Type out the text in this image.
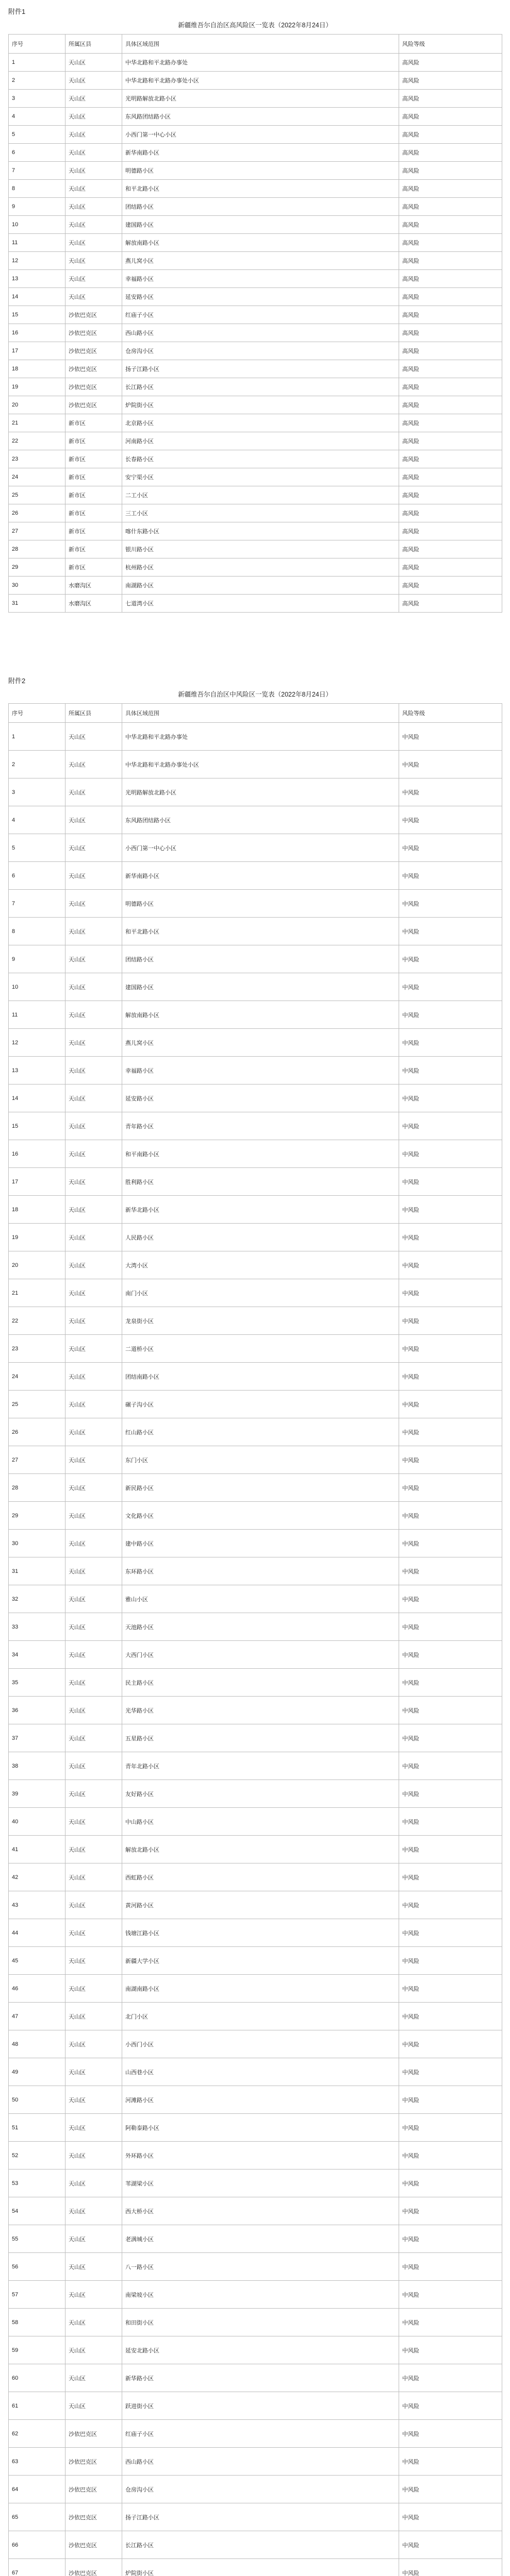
附件1
新疆维吾尔自治区高风险区一览表（2022年8月24日）
序号	所属区县	具体区域范围	风险等级
1	天山区	中华北路和平北路办事处	高风险
2	天山区	中华北路和平北路办事处小区	高风险
3	天山区	光明路解放北路小区	高风险
4	天山区	东风路团结路小区	高风险
5	天山区	小西门第一中心小区	高风险
6	天山区	新华南路小区	高风险
7	天山区	明德路小区	高风险
8	天山区	和平北路小区	高风险
9	天山区	团结路小区	高风险
10	天山区	建国路小区	高风险
11	天山区	解放南路小区	高风险
12	天山区	燕儿窝小区	高风险
13	天山区	幸福路小区	高风险
14	天山区	延安路小区	高风险
15	沙依巴克区	红庙子小区	高风险
16	沙依巴克区	西山路小区	高风险
17	沙依巴克区	仓房沟小区	高风险
18	沙依巴克区	扬子江路小区	高风险
19	沙依巴克区	长江路小区	高风险
20	沙依巴克区	炉院街小区	高风险
21	新市区	北京路小区	高风险
22	新市区	河南路小区	高风险
23	新市区	长春路小区	高风险
24	新市区	安宁渠小区	高风险
25	新市区	二工小区	高风险
26	新市区	三工小区	高风险
27	新市区	喀什东路小区	高风险
28	新市区	银川路小区	高风险
29	新市区	杭州路小区	高风险
30	水磨沟区	南湖路小区	高风险
31	水磨沟区	七道湾小区	高风险
附件2
新疆维吾尔自治区中风险区一览表（2022年8月24日）
序号	所属区县	具体区域范围	风险等级
1	天山区	中华北路和平北路办事处	中风险
2	天山区	中华北路和平北路办事处小区	中风险
3	天山区	光明路解放北路小区	中风险
4	天山区	东风路团结路小区	中风险
5	天山区	小西门第一中心小区	中风险
6	天山区	新华南路小区	中风险
7	天山区	明德路小区	中风险
8	天山区	和平北路小区	中风险
9	天山区	团结路小区	中风险
10	天山区	建国路小区	中风险
11	天山区	解放南路小区	中风险
12	天山区	燕儿窝小区	中风险
13	天山区	幸福路小区	中风险
14	天山区	延安路小区	中风险
15	天山区	青年路小区	中风险
16	天山区	和平南路小区	中风险
17	天山区	胜利路小区	中风险
18	天山区	新华北路小区	中风险
19	天山区	人民路小区	中风险
20	天山区	大湾小区	中风险
21	天山区	南门小区	中风险
22	天山区	龙泉街小区	中风险
23	天山区	二道桥小区	中风险
24	天山区	团结南路小区	中风险
25	天山区	碾子沟小区	中风险
26	天山区	红山路小区	中风险
27	天山区	东门小区	中风险
28	天山区	新民路小区	中风险
29	天山区	文化路小区	中风险
30	天山区	建中路小区	中风险
31	天山区	东环路小区	中风险
32	天山区	雅山小区	中风险
33	天山区	天池路小区	中风险
34	天山区	大西门小区	中风险
35	天山区	民主路小区	中风险
36	天山区	光华路小区	中风险
37	天山区	五星路小区	中风险
38	天山区	青年北路小区	中风险
39	天山区	友好路小区	中风险
40	天山区	中山路小区	中风险
41	天山区	解放北路小区	中风险
42	天山区	西虹路小区	中风险
43	天山区	黄河路小区	中风险
44	天山区	钱塘江路小区	中风险
45	天山区	新疆大学小区	中风险
46	天山区	南湖南路小区	中风险
47	天山区	北门小区	中风险
48	天山区	小西门小区	中风险
49	天山区	山西巷小区	中风险
50	天山区	河滩路小区	中风险
51	天山区	阿勒泰路小区	中风险
52	天山区	外环路小区	中风险
53	天山区	苇湖梁小区	中风险
54	天山区	西大桥小区	中风险
55	天山区	老满城小区	中风险
56	天山区	八一路小区	中风险
57	天山区	南梁坡小区	中风险
58	天山区	和田街小区	中风险
59	天山区	延安北路小区	中风险
60	天山区	新华路小区	中风险
61	天山区	跃进街小区	中风险
62	沙依巴克区	红庙子小区	中风险
63	沙依巴克区	西山路小区	中风险
64	沙依巴克区	仓房沟小区	中风险
65	沙依巴克区	扬子江路小区	中风险
66	沙依巴克区	长江路小区	中风险
67	沙依巴克区	炉院街小区	中风险
